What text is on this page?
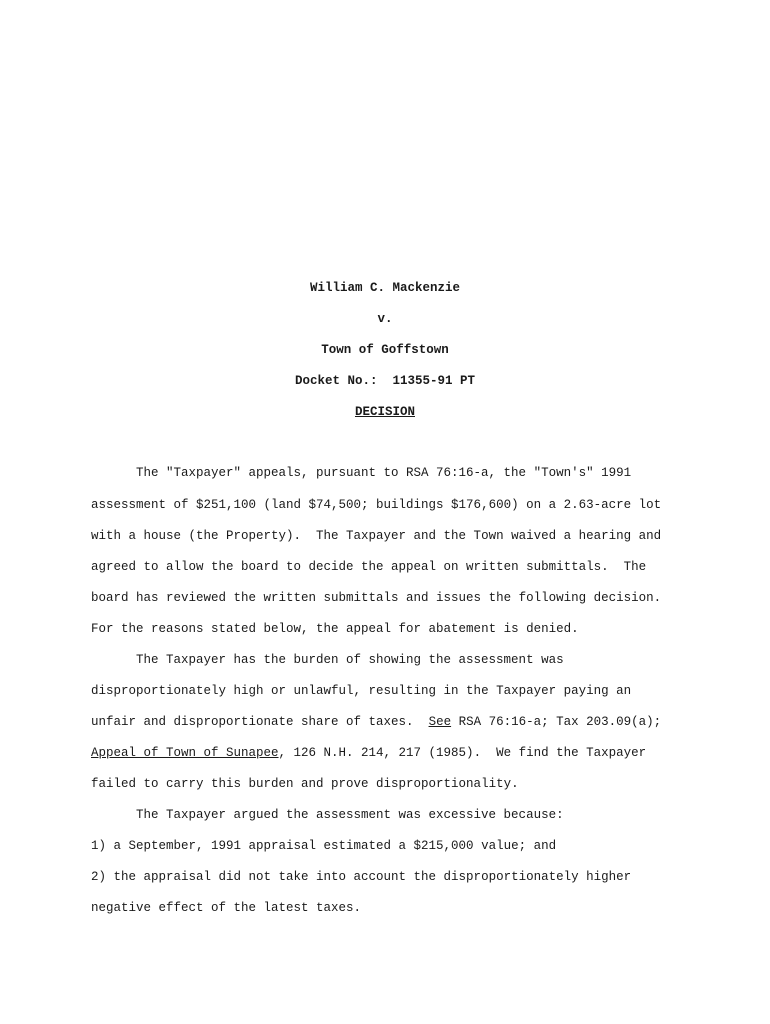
William C. Mackenzie
v.
Town of Goffstown
Docket No.:  11355-91 PT
DECISION
The "Taxpayer" appeals, pursuant to RSA 76:16-a, the "Town's" 1991
assessment of $251,100 (land $74,500; buildings $176,600) on a 2.63-acre lot
with a house (the Property).  The Taxpayer and the Town waived a hearing and
agreed to allow the board to decide the appeal on written submittals.  The
board has reviewed the written submittals and issues the following decision.
For the reasons stated below, the appeal for abatement is denied.
The Taxpayer has the burden of showing the assessment was
disproportionately high or unlawful, resulting in the Taxpayer paying an
unfair and disproportionate share of taxes.  See RSA 76:16-a; Tax 203.09(a);
Appeal of Town of Sunapee, 126 N.H. 214, 217 (1985).  We find the Taxpayer
failed to carry this burden and prove disproportionality.
The Taxpayer argued the assessment was excessive because:
1) a September, 1991 appraisal estimated a $215,000 value; and
2) the appraisal did not take into account the disproportionately higher
negative effect of the latest taxes.
